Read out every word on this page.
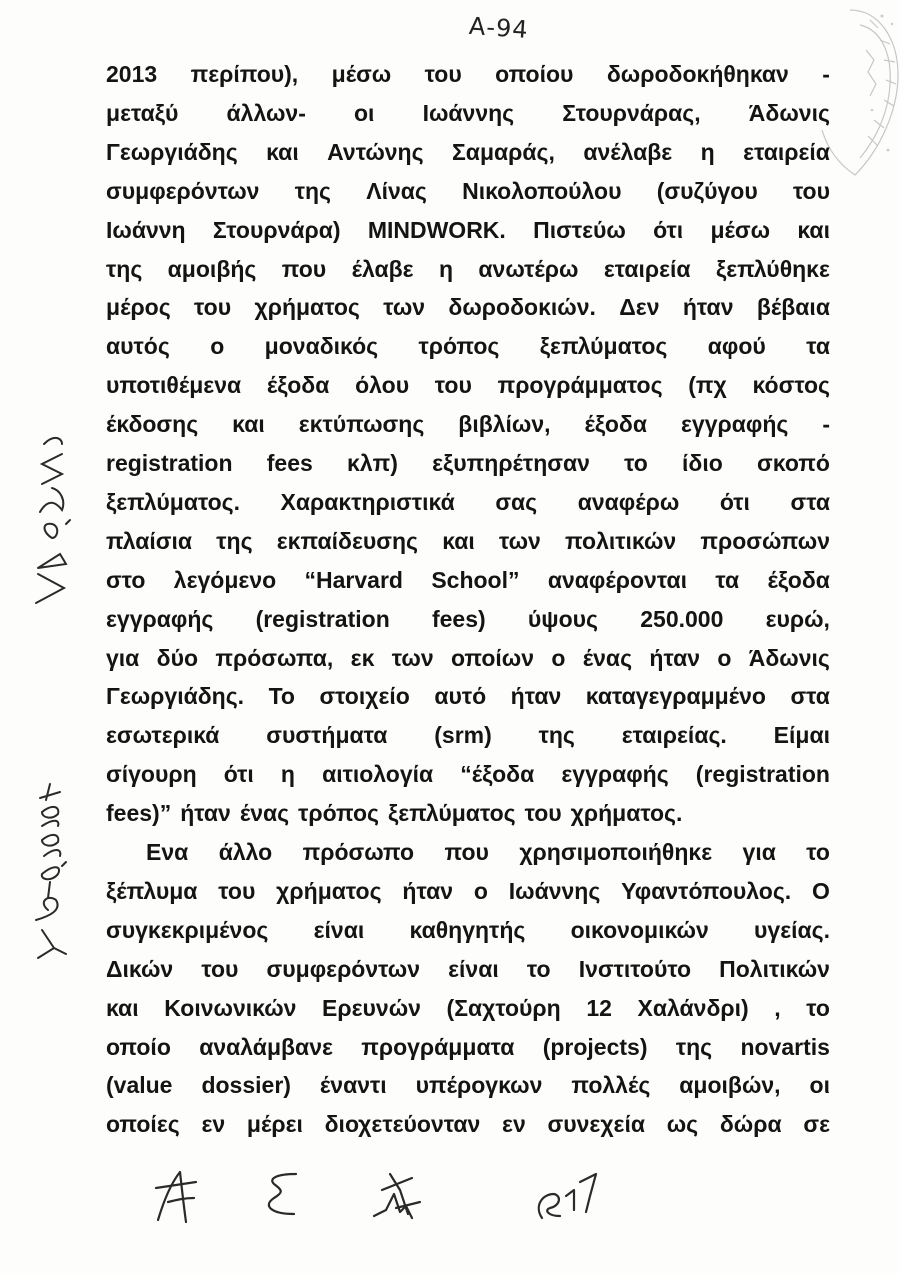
Α-94
2013 περίπου), μέσω του οποίου δωροδοκήθηκαν -
μεταξύ άλλων- οι Ιωάννης Στουρνάρας, Άδωνις
Γεωργιάδης και Αντώνης Σαμαράς, ανέλαβε η εταιρεία
συμφερόντων της Λίνας Νικολοπούλου (συζύγου του
Ιωάννη Στουρνάρα) MINDWORK. Πιστεύω ότι μέσω και
της αμοιβής που έλαβε η ανωτέρω εταιρεία ξεπλύθηκε
μέρος του χρήματος των δωροδοκιών. Δεν ήταν βέβαια
αυτός ο μοναδικός τρόπος ξεπλύματος αφού τα
υποτιθέμενα έξοδα όλου του προγράμματος (πχ κόστος
έκδοσης και εκτύπωσης βιβλίων, έξοδα εγγραφής -
registration fees κλπ) εξυπηρέτησαν το ίδιο σκοπό
ξεπλύματος. Χαρακτηριστικά σας αναφέρω ότι στα
πλαίσια της εκπαίδευσης και των πολιτικών προσώπων
στο λεγόμενο “Harvard School” αναφέρονται τα έξοδα
εγγραφής (registration fees) ύψους 250.000 ευρώ,
για δύο πρόσωπα, εκ των οποίων ο ένας ήταν ο Άδωνις
Γεωργιάδης. Το στοιχείο αυτό ήταν καταγεγραμμένο στα
εσωτερικά συστήματα (srm) της εταιρείας. Είμαι
σίγουρη ότι η αιτιολογία “έξοδα εγγραφής (registration
fees)” ήταν ένας τρόπος ξεπλύματος του χρήματος.
Ενα άλλο πρόσωπο που χρησιμοποιήθηκε για το
ξέπλυμα του χρήματος ήταν ο Ιωάννης Υφαντόπουλος. Ο
συγκεκριμένος είναι καθηγητής οικονομικών υγείας.
Δικών του συμφερόντων είναι το Ινστιτούτο Πολιτικών
και Κοινωνικών Ερευνών (Σαχτούρη 12 Χαλάνδρι) , το
οποίο αναλάμβανε προγράμματα (projects) της novartis
(value dossier) έναντι υπέρογκων πολλές αμοιβών, οι
οποίες εν μέρει διοχετεύονταν εν συνεχεία ως δώρα σε
